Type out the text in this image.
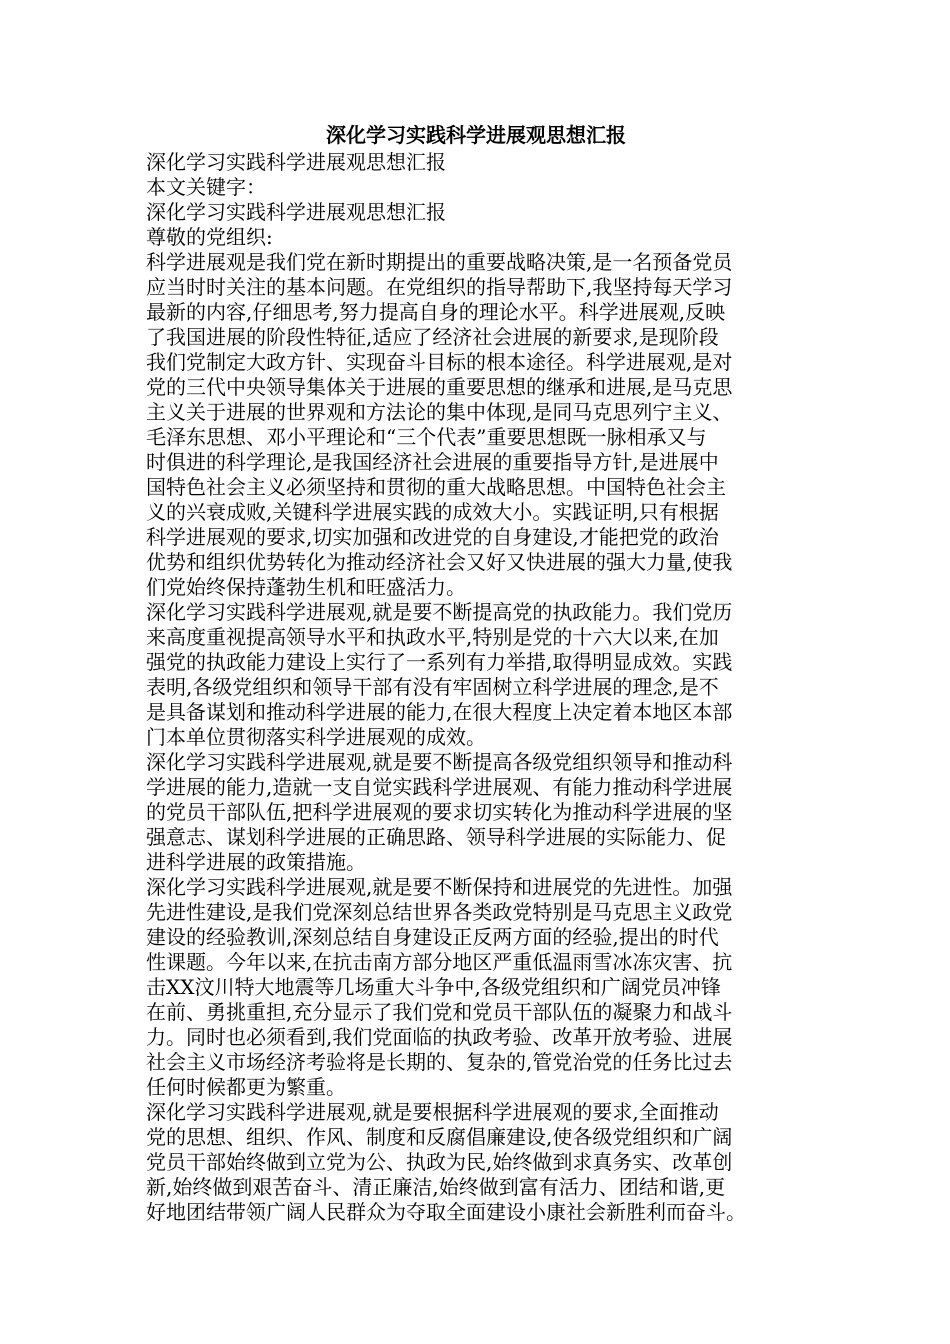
深化学习实践科学进展观思想汇报

深化学习实践科学进展观思想汇报

本文关键字：

深化学习实践科学进展观思想汇报

尊敬的党组织:

科学进展观是我们党在新时期提出的重要战略决策,是一名预备党员
应当时时关注的基本问题。在党组织的指导帮助下,我坚持每天学习
最新的内容,仔细思考,努力提高自身的理论水平。科学进展观,反映
了我国进展的阶段性特征,适应了经济社会进展的新要求,是现阶段
我们党制定大政方针、实现奋斗目标的根本途径。科学进展观,是对
党的三代中央领导集体关于进展的重要思想的继承和进展,是马克思
主义关于进展的世界观和方法论的集中体现,是同马克思列宁主义、
毛泽东思想、邓小平理论和“三个代表”重要思想既一脉相承又与
时俱进的科学理论,是我国经济社会进展的重要指导方针,是进展中
国特色社会主义必须坚持和贯彻的重大战略思想。中国特色社会主
义的兴衰成败,关键科学进展实践的成效大小。实践证明,只有根据
科学进展观的要求,切实加强和改进党的自身建设,才能把党的政治
优势和组织优势转化为推动经济社会又好又快进展的强大力量,使我
们党始终保持蓬勃生机和旺盛活力。
深化学习实践科学进展观,就是要不断提高党的执政能力。我们党历
来高度重视提高领导水平和执政水平,特别是党的十六大以来,在加
强党的执政能力建设上实行了一系列有力举措,取得明显成效。实践
表明,各级党组织和领导干部有没有牢固树立科学进展的理念,是不
是具备谋划和推动科学进展的能力,在很大程度上决定着本地区本部
门本单位贯彻落实科学进展观的成效。
深化学习实践科学进展观,就是要不断提高各级党组织领导和推动科
学进展的能力,造就一支自觉实践科学进展观、有能力推动科学进展
的党员干部队伍,把科学进展观的要求切实转化为推动科学进展的坚
强意志、谋划科学进展的正确思路、领导科学进展的实际能力、促
进科学进展的政策措施。
深化学习实践科学进展观,就是要不断保持和进展党的先进性。加强
先进性建设,是我们党深刻总结世界各类政党特别是马克思主义政党
建设的经验教训,深刻总结自身建设正反两方面的经验,提出的时代
性课题。今年以来,在抗击南方部分地区严重低温雨雪冰冻灾害、抗
击XX汶川特大地震等几场重大斗争中,各级党组织和广阔党员冲锋
在前、勇挑重担,充分显示了我们党和党员干部队伍的凝聚力和战斗
力。同时也必须看到,我们党面临的执政考验、改革开放考验、进展
社会主义市场经济考验将是长期的、复杂的,管党治党的任务比过去
任何时候都更为繁重。
深化学习实践科学进展观,就是要根据科学进展观的要求,全面推动
党的思想、组织、作风、制度和反腐倡廉建设,使各级党组织和广阔
党员干部始终做到立党为公、执政为民,始终做到求真务实、改革创
新,始终做到艰苦奋斗、清正廉洁,始终做到富有活力、团结和谐,更
好地团结带领广阔人民群众为夺取全面建设小康社会新胜利而奋斗。
